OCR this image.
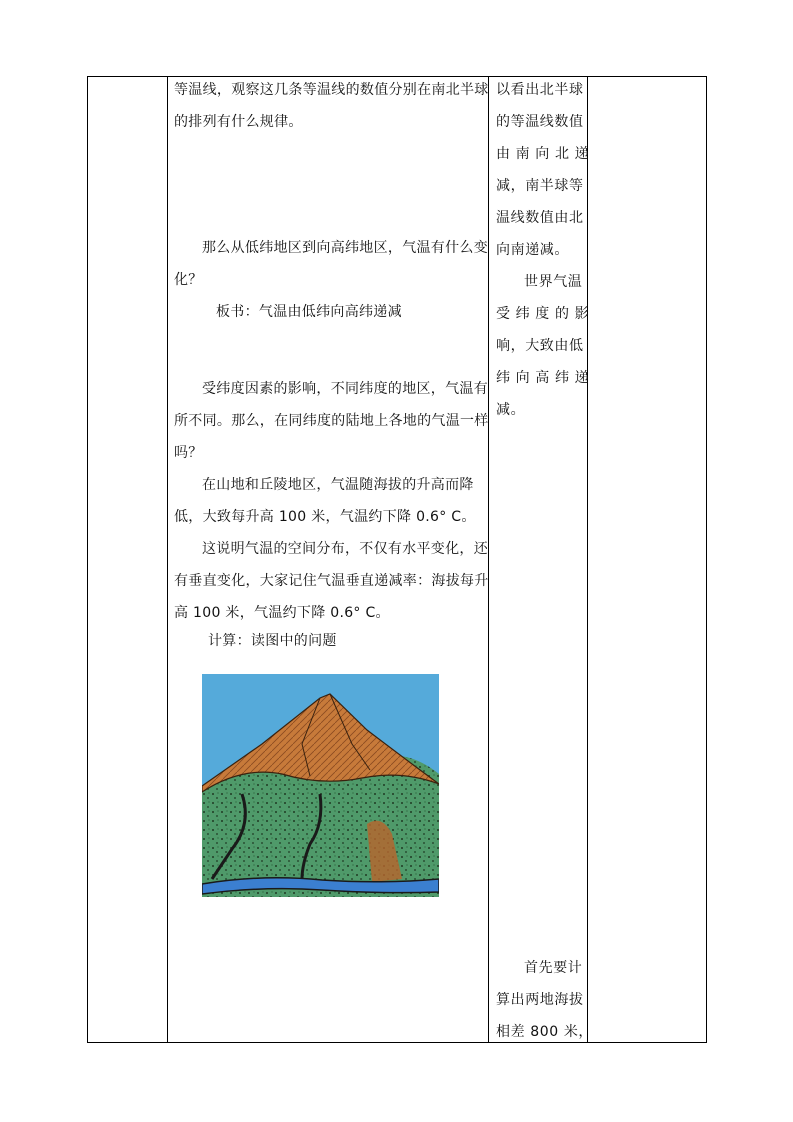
等温线，观察这几条等温线的数值分别在南北半球
的排列有什么规律。
那么从低纬地区到向高纬地区，气温有什么变
化？
板书：气温由低纬向高纬递减
受纬度因素的影响，不同纬度的地区，气温有
所不同。那么，在同纬度的陆地上各地的气温一样
吗？
在山地和丘陵地区，气温随海拔的升高而降
低，大致每升高 100 米，气温约下降 0.6° C。
这说明气温的空间分布，不仅有水平变化，还
有垂直变化，大家记住气温垂直递减率：海拔每升
高 100 米，气温约下降 0.6° C。
计算：读图中的问题
以看出北半球
的等温线数值
由 南 向 北 递
减，南半球等
温线数值由北
向南递减。
世界气温
受 纬 度 的 影
响，大致由低
纬 向 高 纬 递
减。
首先要计
算出两地海拔
相差 800 米，
